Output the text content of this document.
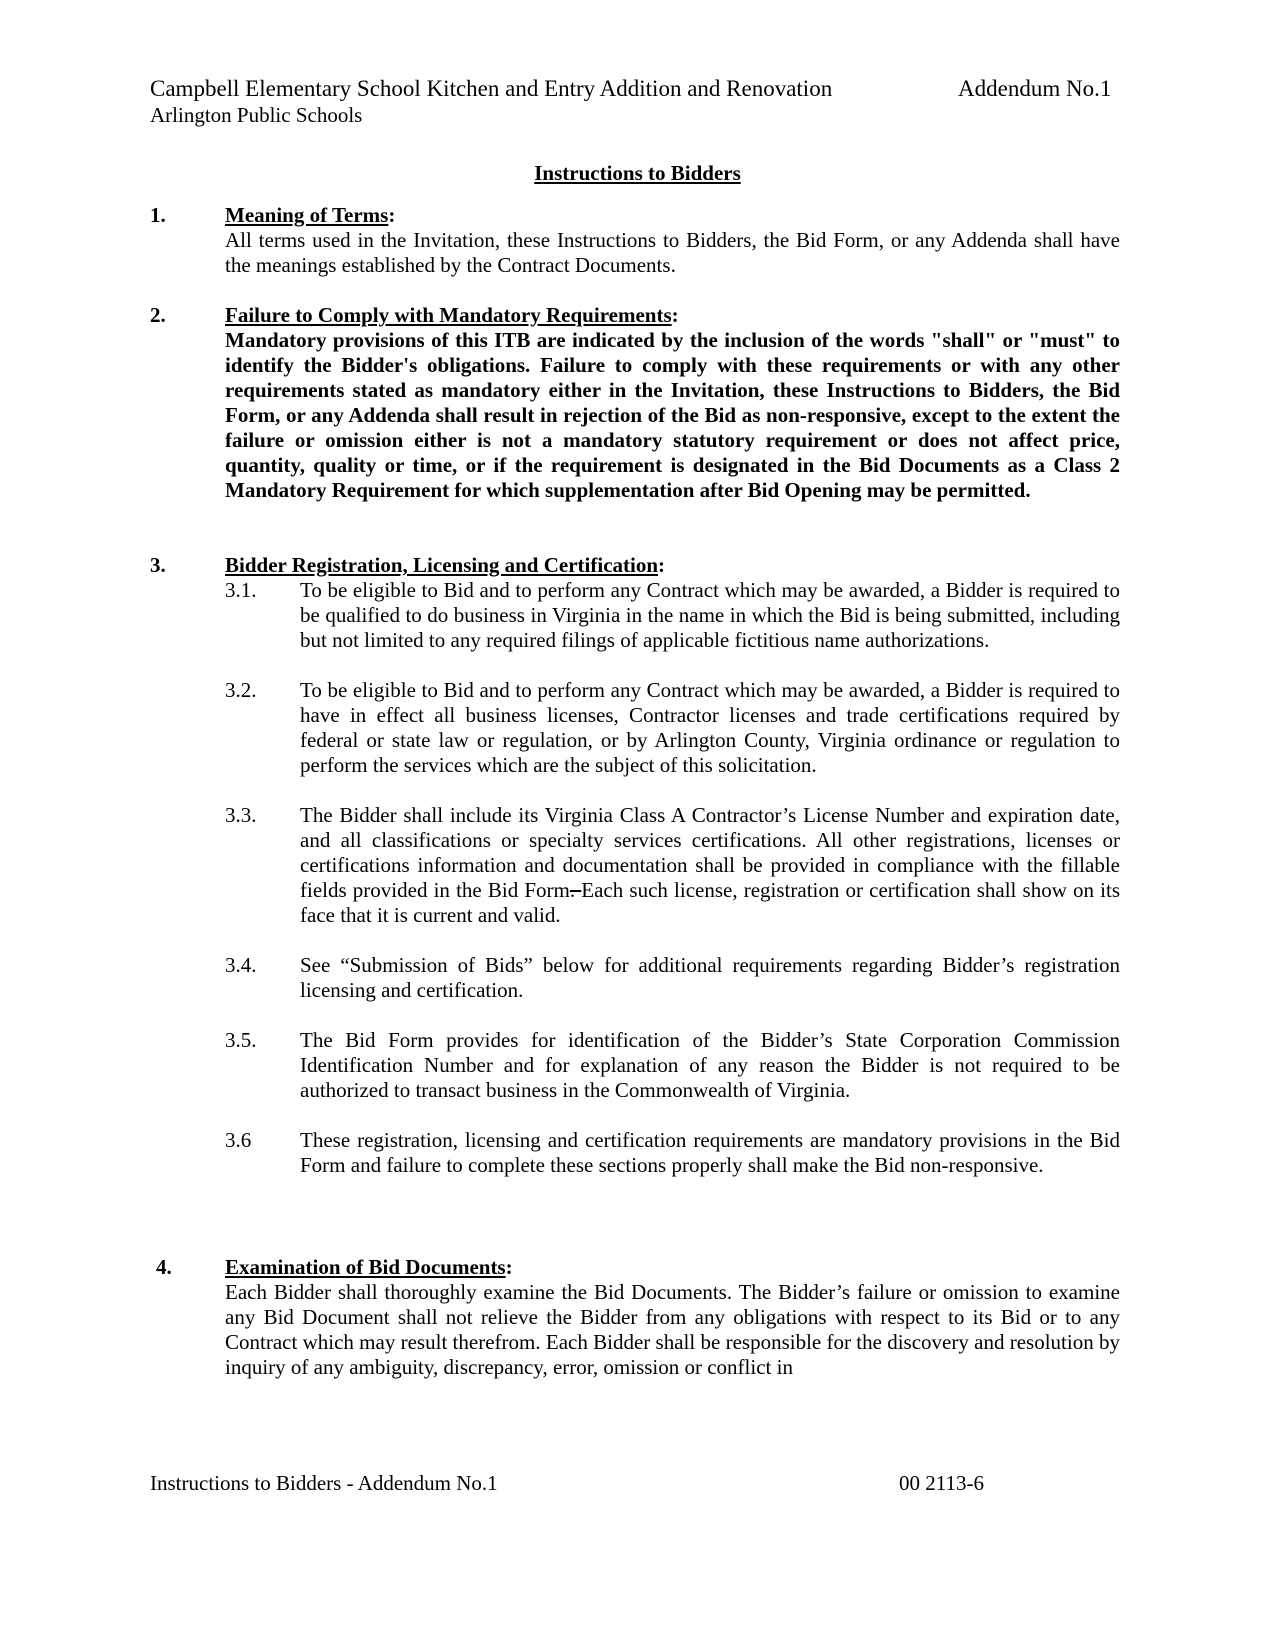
Campbell Elementary School Kitchen and Entry Addition and Renovation	Addendum No.1
Arlington Public Schools
Instructions to Bidders
1.	Meaning of Terms:
All terms used in the Invitation, these Instructions to Bidders, the Bid Form, or any Addenda shall have the meanings established by the Contract Documents.
2.	Failure to Comply with Mandatory Requirements:
Mandatory provisions of this ITB are indicated by the inclusion of the words "shall" or "must" to identify the Bidder's obligations. Failure to comply with these requirements or with any other requirements stated as mandatory either in the Invitation, these Instructions to Bidders, the Bid Form, or any Addenda shall result in rejection of the Bid as non-responsive, except to the extent the failure or omission either is not a mandatory statutory requirement or does not affect price, quantity, quality or time, or if the requirement is designated in the Bid Documents as a Class 2 Mandatory Requirement for which supplementation after Bid Opening may be permitted.
3.	Bidder Registration, Licensing and Certification:
3.1. To be eligible to Bid and to perform any Contract which may be awarded, a Bidder is required to be qualified to do business in Virginia in the name in which the Bid is being submitted, including but not limited to any required filings of applicable fictitious name authorizations.
3.2. To be eligible to Bid and to perform any Contract which may be awarded, a Bidder is required to have in effect all business licenses, Contractor licenses and trade certifications required by federal or state law or regulation, or by Arlington County, Virginia ordinance or regulation to perform the services which are the subject of this solicitation.
3.3. The Bidder shall include its Virginia Class A Contractor’s License Number and expiration date, and all classifications or specialty services certifications. All other registrations, licenses or certifications information and documentation shall be provided in compliance with the fillable fields provided in the Bid Form. Each such license, registration or certification shall show on its face that it is current and valid.
3.4. See “Submission of Bids” below for additional requirements regarding Bidder’s registration licensing and certification.
3.5. The Bid Form provides for identification of the Bidder’s State Corporation Commission Identification Number and for explanation of any reason the Bidder is not required to be authorized to transact business in the Commonwealth of Virginia.
3.6 These registration, licensing and certification requirements are mandatory provisions in the Bid Form and failure to complete these sections properly shall make the Bid non-responsive.
4.	Examination of Bid Documents:
Each Bidder shall thoroughly examine the Bid Documents. The Bidder’s failure or omission to examine any Bid Document shall not relieve the Bidder from any obligations with respect to its Bid or to any Contract which may result therefrom. Each Bidder shall be responsible for the discovery and resolution by inquiry of any ambiguity, discrepancy, error, omission or conflict in
Instructions to Bidders - Addendum No.1	00 2113-6
